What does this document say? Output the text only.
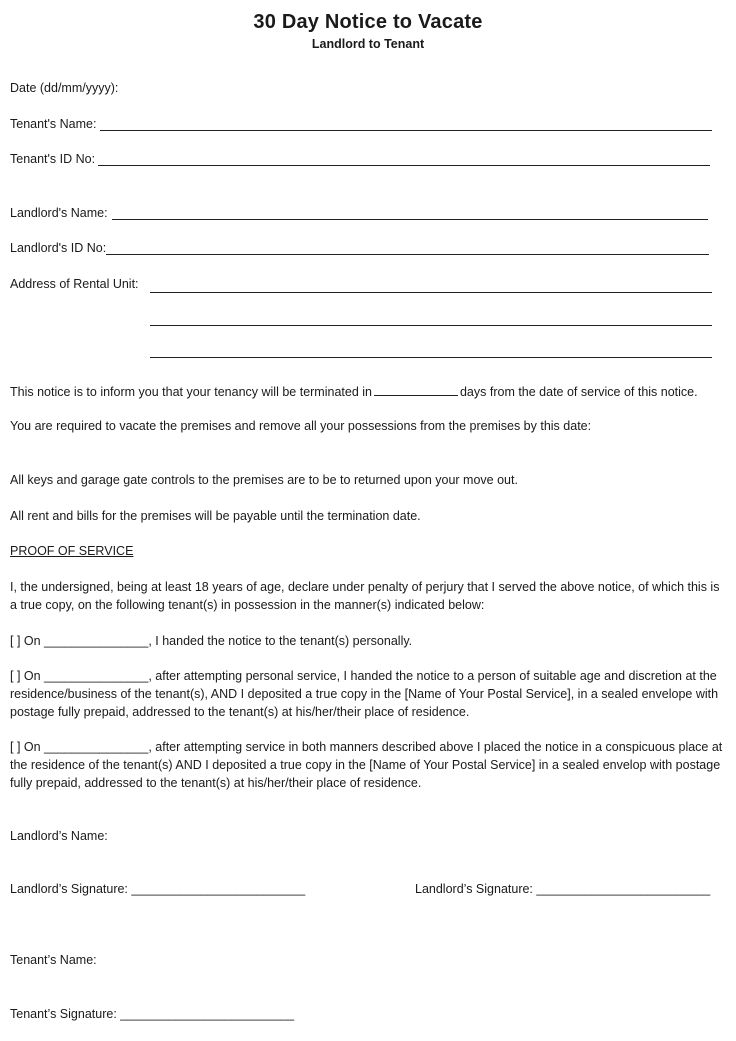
30 Day Notice to Vacate
Landlord to Tenant
Date (dd/mm/yyyy):
Tenant's Name:
Tenant's ID No:
Landlord's Name:
Landlord's ID No:
Address of Rental Unit:
This notice is to inform you that your tenancy will be terminated in	days from the date of service of this notice.
You are required to vacate the premises and remove all your possessions from the premises by this date:
All keys and garage gate controls to the premises are to be to returned upon your move out.
All rent and bills for the premises will be payable until the termination date.
PROOF OF SERVICE
I, the undersigned, being at least 18 years of age, declare under penalty of perjury that I served the above notice, of which this is a true copy, on the following tenant(s) in possession in the manner(s) indicated below:
[ ] On _______________, I handed the notice to the tenant(s) personally.
[ ] On _______________, after attempting personal service, I handed the notice to a person of suitable age and discretion at the residence/business of the tenant(s), AND I deposited a true copy in the [Name of Your Postal Service], in a sealed envelope with postage fully prepaid, addressed to the tenant(s) at his/her/their place of residence.
[ ] On _______________, after attempting service in both manners described above I placed the notice in a conspicuous place at the residence of the tenant(s) AND I deposited a true copy in the [Name of Your Postal Service] in a sealed envelop with postage fully prepaid, addressed to the tenant(s) at his/her/their place of residence.
Landlord’s Name:
Landlord’s Signature: _________________________	Landlord’s Signature: _________________________
Tenant’s Name:
Tenant’s Signature: _________________________
